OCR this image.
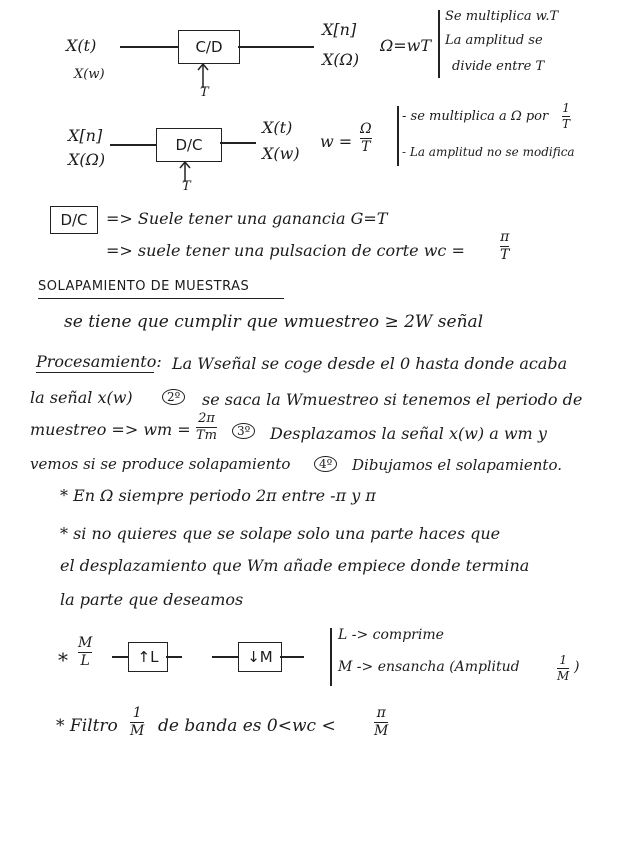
X(t)
X(w)
C/D
T
X[n]
X(Ω)
Ω=wT
Se multiplica w.T
La amplitud se
divide entre T
X[n]
X(Ω)
D/C
T
X(t)
X(w)
w =
Ω
T
- se multiplica a Ω por
1
T
- La amplitud no se modifica
D/C	=> Suele tener una ganancia G=T
=> suele tener una pulsacion de corte wc =
π
T
SOLAPAMIENTO DE MUESTRAS
se tiene que cumplir que wmuestreo ≥ 2W señal
Procesamiento: La Wseñal se coge desde el 0 hasta donde acaba
la señal x(w)	2º	se saca la Wmuestreo si tenemos el periodo de
muestreo => wm =
2π
Tm	3º	Desplazamos la señal x(w) a wm y
vemos si se produce solapamiento	4º	Dibujamos el solapamiento.
* En Ω siempre periodo 2π entre -π y π
* si no quieres que se solape solo una parte haces que
el desplazamiento que Wm añade empiece donde termina
la parte que deseamos
*
M
L	↑L	↓M
L -> comprime
M -> ensancha (Amplitud	1
M
)
* Filtro
1
M de banda es 0<wc <
π
M
